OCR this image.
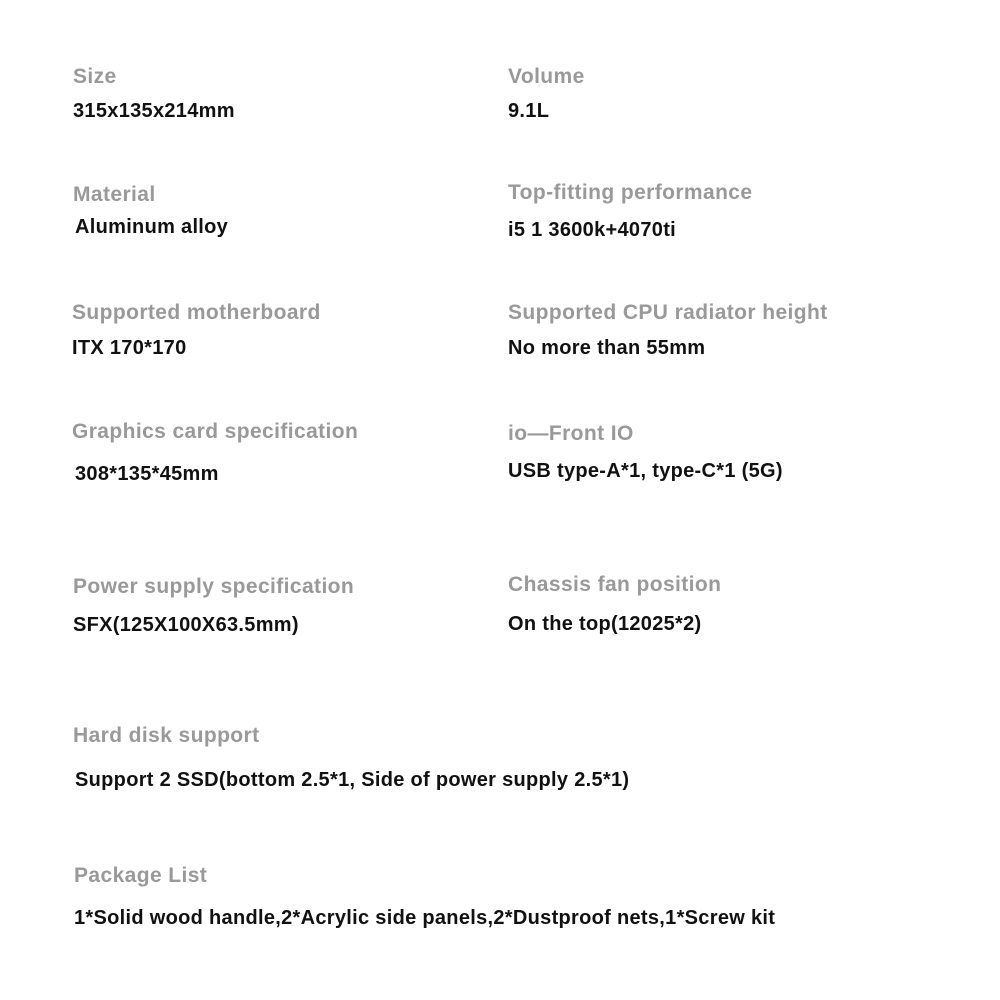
Size
315x135x214mm
Volume
9.1L
Material
Aluminum alloy
Top-fitting performance
i5 1 3600k+4070ti
Supported motherboard
ITX 170*170
Supported CPU radiator height
No more than 55mm
Graphics card specification
308*135*45mm
io—Front IO
USB type-A*1, type-C*1 (5G)
Power supply specification
SFX(125X100X63.5mm)
Chassis fan position
On the top(12025*2)
Hard disk support
Support 2 SSD(bottom 2.5*1, Side of power supply 2.5*1)
Package List
1*Solid wood handle,2*Acrylic side panels,2*Dustproof nets,1*Screw kit
